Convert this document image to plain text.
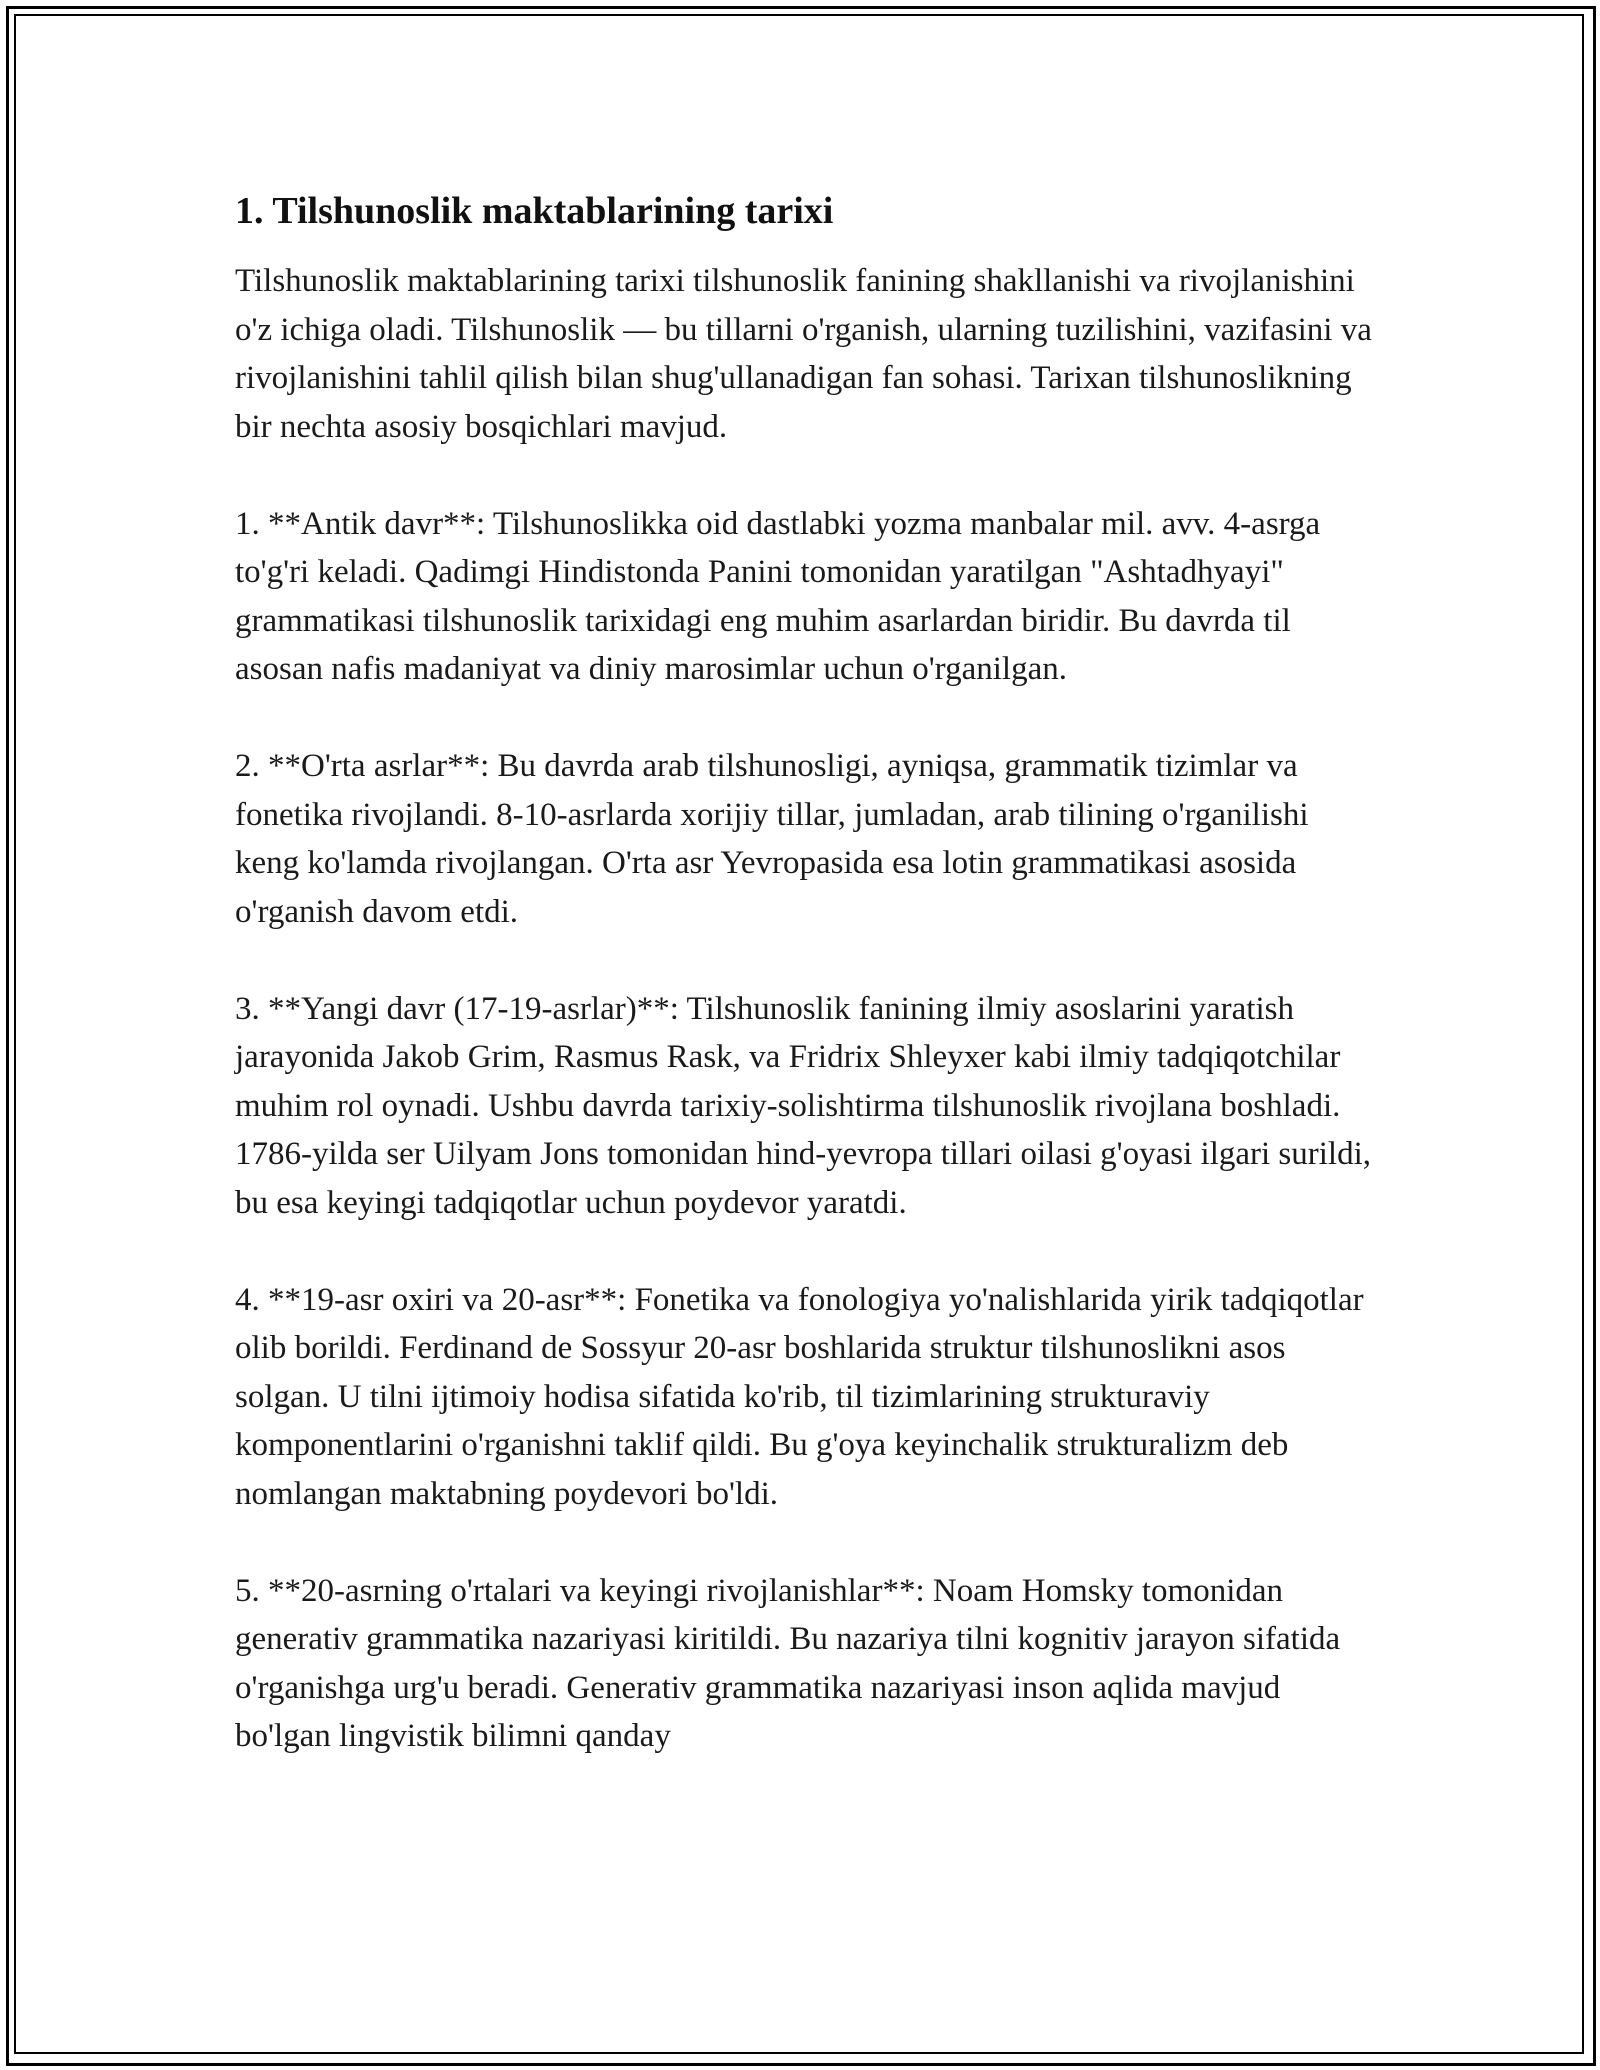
1. Tilshunoslik maktablarining tarixi

Tilshunoslik maktablarining tarixi tilshunoslik fanining shakllanishi va rivojlanishini o'z ichiga oladi. Tilshunoslik — bu tillarni o'rganish, ularning tuzilishini, vazifasini va rivojlanishini tahlil qilish bilan shug'ullanadigan fan sohasi. Tarixan tilshunoslikning bir nechta asosiy bosqichlari mavjud.

1. **Antik davr**: Tilshunoslikka oid dastlabki yozma manbalar mil. avv. 4-asrga to'g'ri keladi. Qadimgi Hindistonda Panini tomonidan yaratilgan "Ashtadhyayi" grammatikasi tilshunoslik tarixidagi eng muhim asarlardan biridir. Bu davrda til asosan nafis madaniyat va diniy marosimlar uchun o'rganilgan.

2. **O'rta asrlar**: Bu davrda arab tilshunosligi, ayniqsa, grammatik tizimlar va fonetika rivojlandi. 8-10-asrlarda xorijiy tillar, jumladan, arab tilining o'rganilishi keng ko'lamda rivojlangan. O'rta asr Yevropasida esa lotin grammatikasi asosida o'rganish davom etdi.

3. **Yangi davr (17-19-asrlar)**: Tilshunoslik fanining ilmiy asoslarini yaratish jarayonida Jakob Grim, Rasmus Rask, va Fridrix Shleyxer kabi ilmiy tadqiqotchilar muhim rol oynadi. Ushbu davrda tarixiy-solishtirma tilshunoslik rivojlana boshladi. 1786-yilda ser Uilyam Jons tomonidan hind-yevropa tillari oilasi g'oyasi ilgari surildi, bu esa keyingi tadqiqotlar uchun poydevor yaratdi.

4. **19-asr oxiri va 20-asr**: Fonetika va fonologiya yo'nalishlarida yirik tadqiqotlar olib borildi. Ferdinand de Sossyur 20-asr boshlarida struktur tilshunoslikni asos solgan. U tilni ijtimoiy hodisa sifatida ko'rib, til tizimlarining strukturaviy komponentlarini o'rganishni taklif qildi. Bu g'oya keyinchalik strukturalizm deb nomlangan maktabning poydevori bo'ldi.

5. **20-asrning o'rtalari va keyingi rivojlanishlar**: Noam Homsky tomonidan generativ grammatika nazariyasi kiritildi. Bu nazariya tilni kognitiv jarayon sifatida o'rganishga urg'u beradi. Generativ grammatika nazariyasi inson aqlida mavjud bo'lgan lingvistik bilimni qanday
